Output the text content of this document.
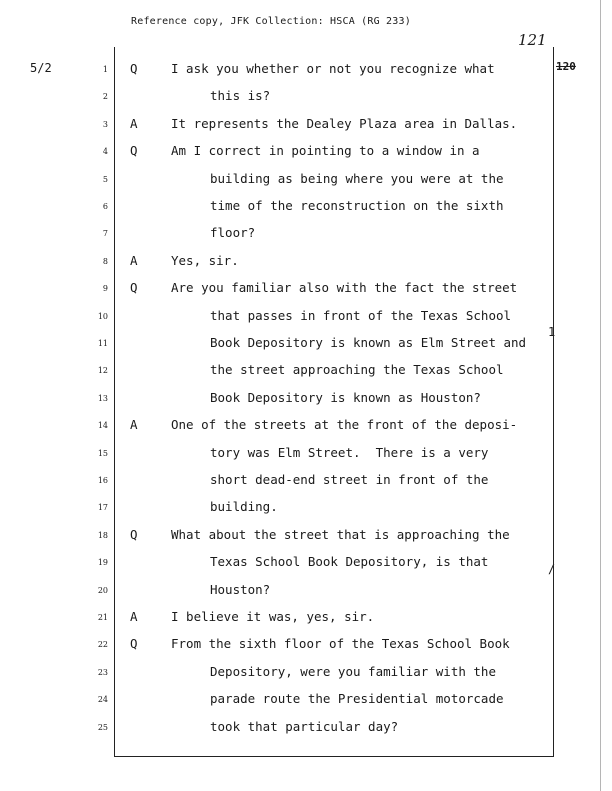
Reference copy, JFK Collection: HSCA (RG 233)
5/2
121
120
1
/
1 Q	I ask you whether or not you recognize what
2	this is?
3 A	It represents the Dealey Plaza area in Dallas.
4 Q	Am I correct in pointing to a window in a
5	building as being where you were at the
6	time of the reconstruction on the sixth
7	floor?
8 A	Yes, sir.
9 Q	Are you familiar also with the fact the street
10	that passes in front of the Texas School
11	Book Depository is known as Elm Street and
12	the street approaching the Texas School
13	Book Depository is known as Houston?
14 A	One of the streets at the front of the deposi-
15	tory was Elm Street.  There is a very
16	short dead-end street in front of the
17	building.
18 Q	What about the street that is approaching the
19	Texas School Book Depository, is that
20	Houston?
21 A	I believe it was, yes, sir.
22 Q	From the sixth floor of the Texas School Book
23	Depository, were you familiar with the
24	parade route the Presidential motorcade
25	took that particular day?
